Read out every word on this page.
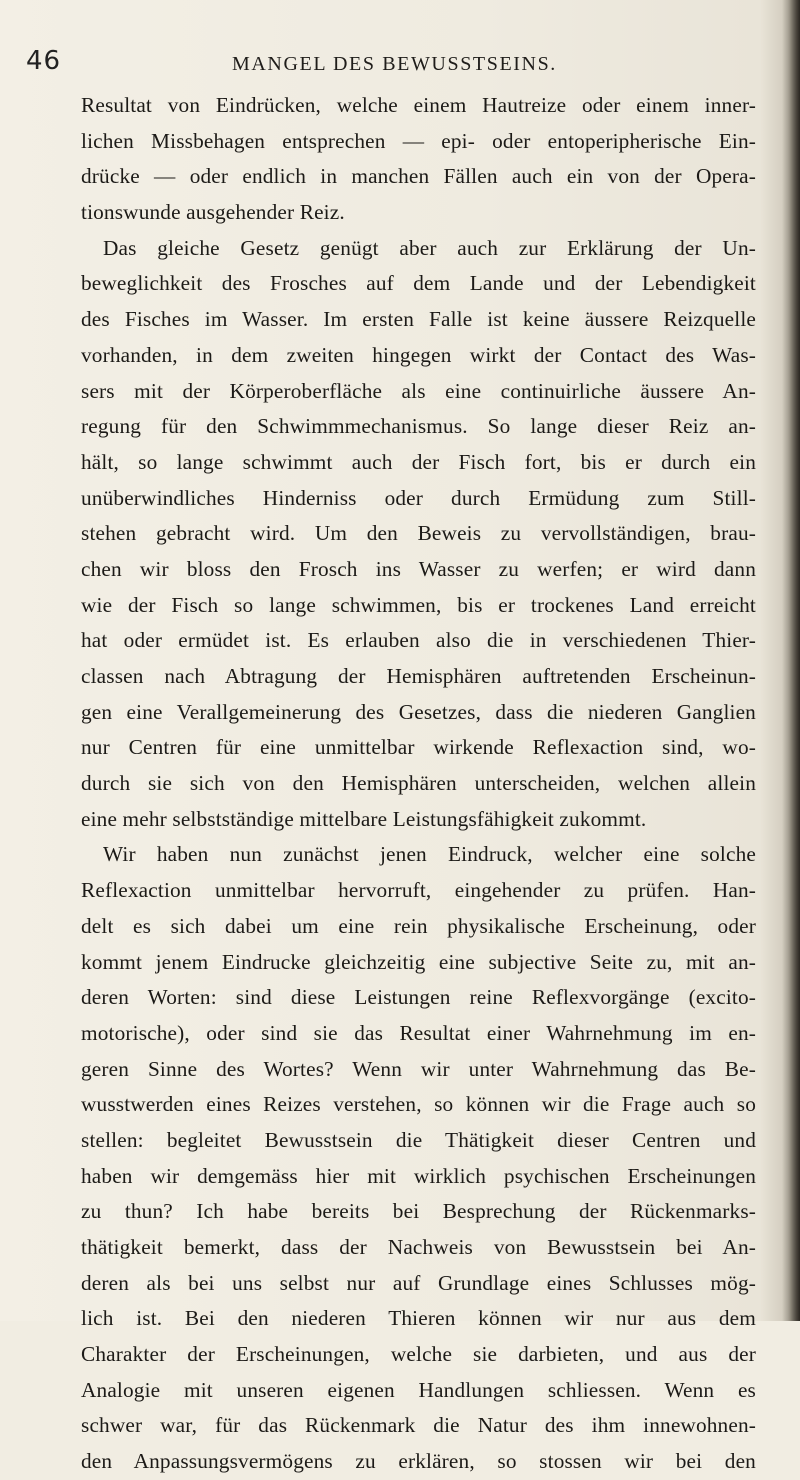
46	MANGEL DES BEWUSSTSEINS.
Resultat von Eindrücken, welche einem Hautreize oder einem inner-
lichen Missbehagen entsprechen — epi- oder entoperipherische Ein-
drücke — oder endlich in manchen Fällen auch ein von der Opera-
tionswunde ausgehender Reiz.
Das gleiche Gesetz genügt aber auch zur Erklärung der Un-
beweglichkeit des Frosches auf dem Lande und der Lebendigkeit
des Fisches im Wasser. Im ersten Falle ist keine äussere Reizquelle
vorhanden, in dem zweiten hingegen wirkt der Contact des Was-
sers mit der Körperoberfläche als eine continuirliche äussere An-
regung für den Schwimmmechanismus. So lange dieser Reiz an-
hält, so lange schwimmt auch der Fisch fort, bis er durch ein
unüberwindliches Hinderniss oder durch Ermüdung zum Still-
stehen gebracht wird. Um den Beweis zu vervollständigen, brau-
chen wir bloss den Frosch ins Wasser zu werfen; er wird dann
wie der Fisch so lange schwimmen, bis er trockenes Land erreicht
hat oder ermüdet ist. Es erlauben also die in verschiedenen Thier-
classen nach Abtragung der Hemisphären auftretenden Erscheinun-
gen eine Verallgemeinerung des Gesetzes, dass die niederen Ganglien
nur Centren für eine unmittelbar wirkende Reflexaction sind, wo-
durch sie sich von den Hemisphären unterscheiden, welchen allein
eine mehr selbstständige mittelbare Leistungsfähigkeit zukommt.
Wir haben nun zunächst jenen Eindruck, welcher eine solche
Reflexaction unmittelbar hervorruft, eingehender zu prüfen. Han-
delt es sich dabei um eine rein physikalische Erscheinung, oder
kommt jenem Eindrucke gleichzeitig eine subjective Seite zu, mit an-
deren Worten: sind diese Leistungen reine Reflexvorgänge (excito-
motorische), oder sind sie das Resultat einer Wahrnehmung im en-
geren Sinne des Wortes? Wenn wir unter Wahrnehmung das Be-
wusstwerden eines Reizes verstehen, so können wir die Frage auch so
stellen: begleitet Bewusstsein die Thätigkeit dieser Centren und
haben wir demgemäss hier mit wirklich psychischen Erscheinungen
zu thun? Ich habe bereits bei Besprechung der Rückenmarks-
thätigkeit bemerkt, dass der Nachweis von Bewusstsein bei An-
deren als bei uns selbst nur auf Grundlage eines Schlusses mög-
lich ist. Bei den niederen Thieren können wir nur aus dem
Charakter der Erscheinungen, welche sie darbieten, und aus der
Analogie mit unseren eigenen Handlungen schliessen. Wenn es
schwer war, für das Rückenmark die Natur des ihm innewohnen-
den Anpassungsvermögens zu erklären, so stossen wir bei den
